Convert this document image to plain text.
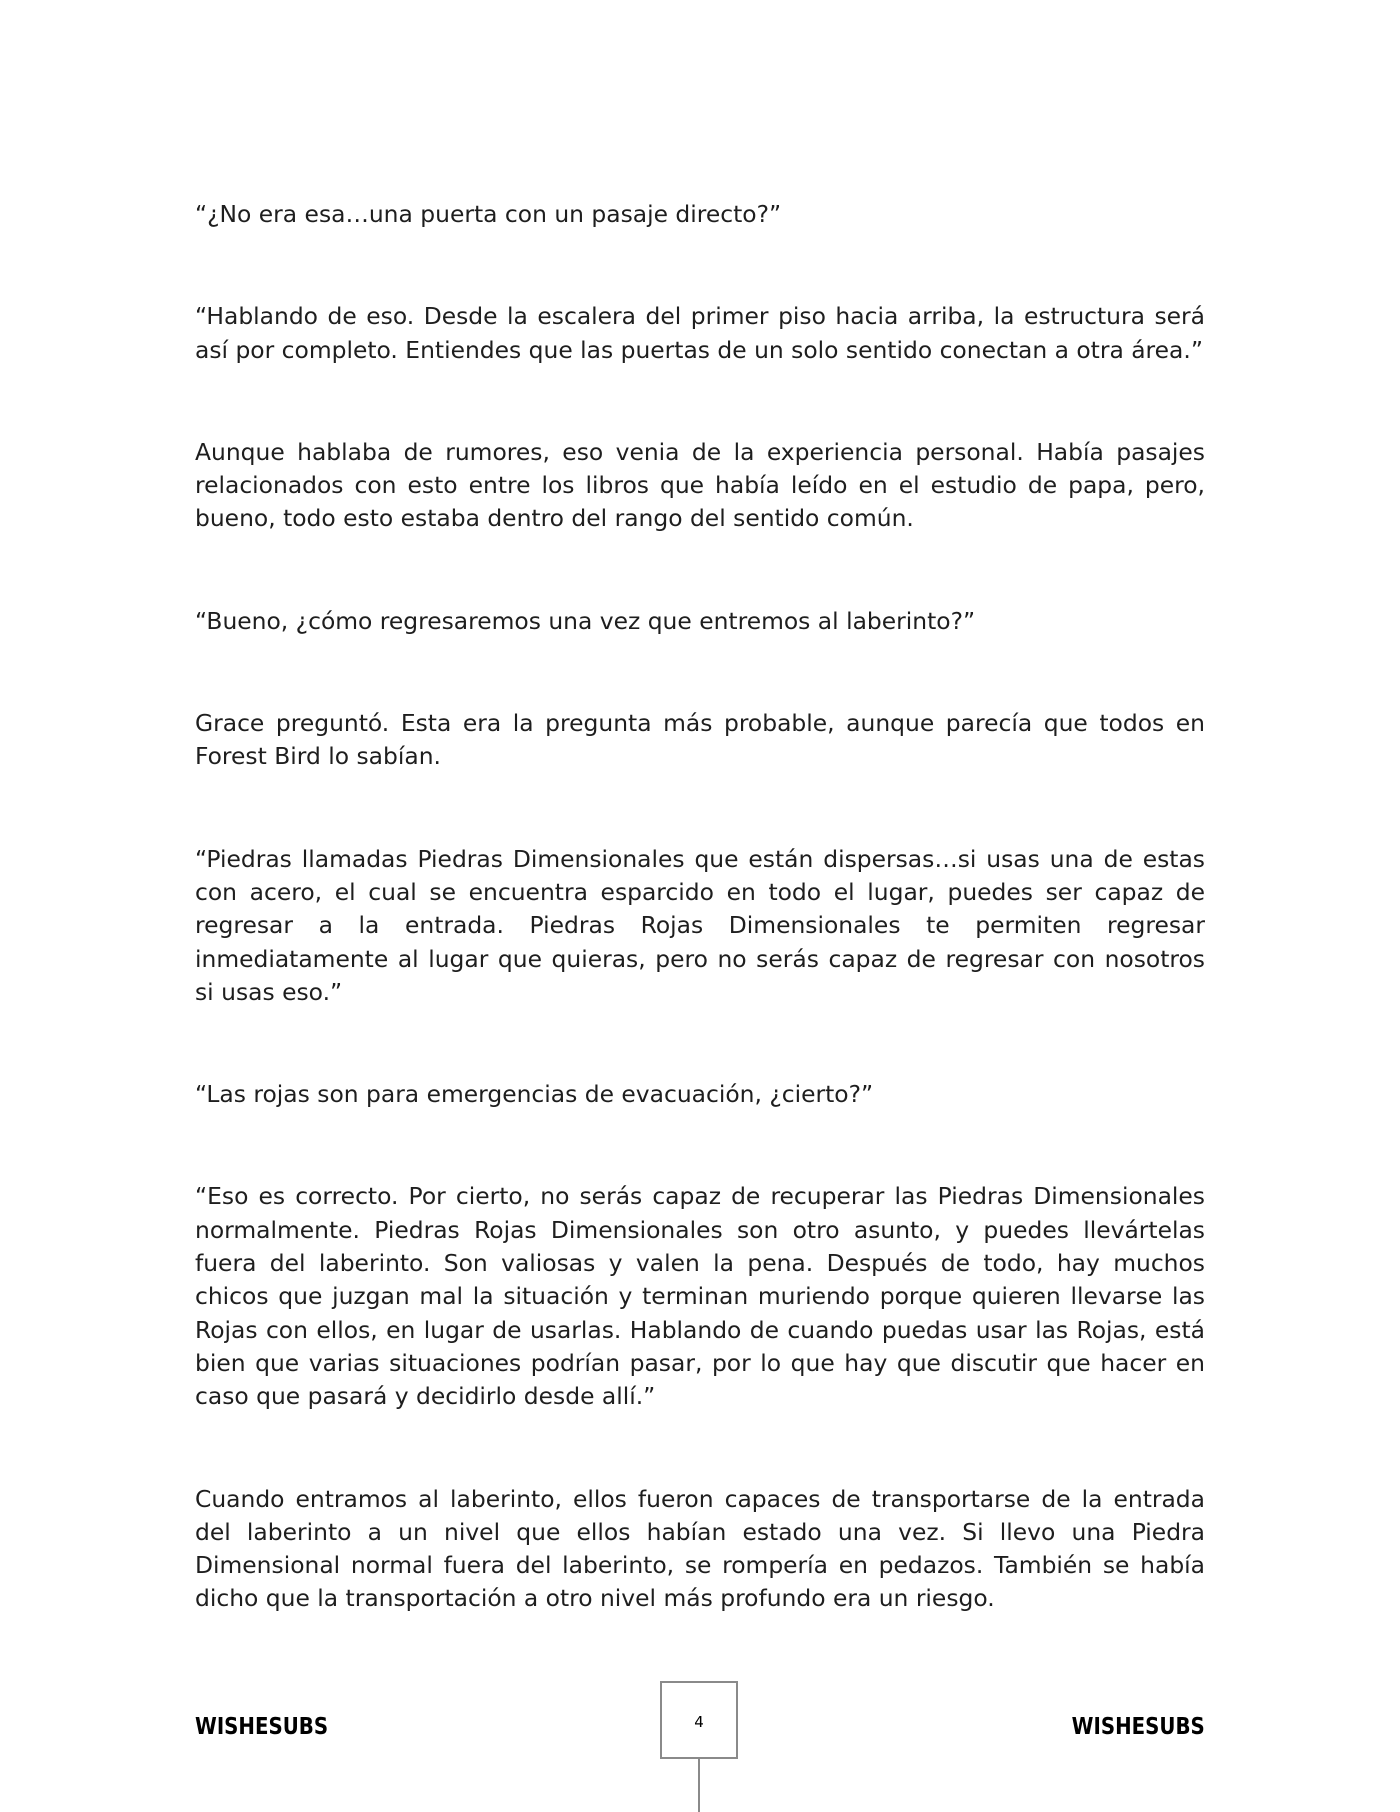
“¿No era esa…una puerta con un pasaje directo?”

“Hablando de eso. Desde la escalera del primer piso hacia arriba, la estructura será así por completo. Entiendes que las puertas de un solo sentido conectan a otra área.”

Aunque hablaba de rumores, eso venia de la experiencia personal. Había pasajes relacionados con esto entre los libros que había leído en el estudio de papa, pero, bueno, todo esto estaba dentro del rango del sentido común.

“Bueno, ¿cómo regresaremos una vez que entremos al laberinto?”

Grace preguntó. Esta era la pregunta más probable, aunque parecía que todos en Forest Bird lo sabían.

“Piedras llamadas Piedras Dimensionales que están dispersas…si usas una de estas con acero, el cual se encuentra esparcido en todo el lugar, puedes ser capaz de regresar a la entrada. Piedras Rojas Dimensionales te permiten regresar inmediatamente al lugar que quieras, pero no serás capaz de regresar con nosotros si usas eso.”

“Las rojas son para emergencias de evacuación, ¿cierto?”

“Eso es correcto. Por cierto, no serás capaz de recuperar las Piedras Dimensionales normalmente. Piedras Rojas Dimensionales son otro asunto, y puedes llevártelas fuera del laberinto. Son valiosas y valen la pena. Después de todo, hay muchos chicos que juzgan mal la situación y terminan muriendo porque quieren llevarse las Rojas con ellos, en lugar de usarlas. Hablando de cuando puedas usar las Rojas, está bien que varias situaciones podrían pasar, por lo que hay que discutir que hacer en caso que pasará y decidirlo desde allí.”

Cuando entramos al laberinto, ellos fueron capaces de transportarse de la entrada del laberinto a un nivel que ellos habían estado una vez. Si llevo una Piedra Dimensional normal fuera del laberinto, se rompería en pedazos. También se había dicho que la transportación a otro nivel más profundo era un riesgo.

WISHESUBS	4	WISHESUBS
